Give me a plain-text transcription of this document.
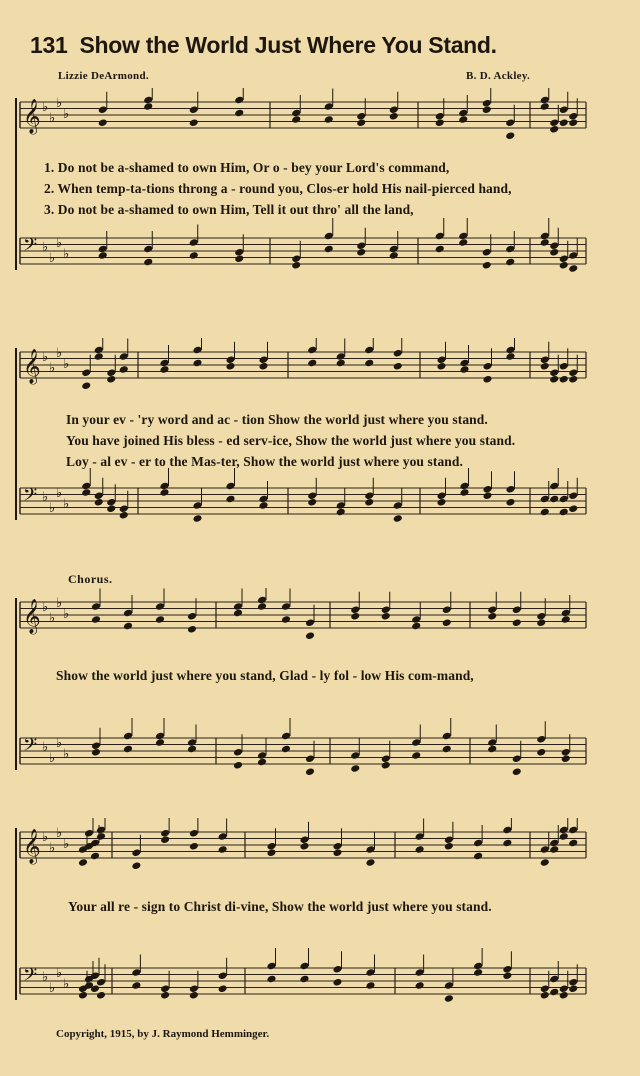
131 Show the World Just Where You Stand.
Lizzie DeArmond.	B. D. Ackley.
𝄞 ♭
♭
♭
♭
𝄢 ♭
♭
♭
♭
1. Do not be a-shamed to own Him, Or o - bey your Lord's command,
2. When temp-ta-tions throng a - round you, Clos-er hold His nail-pierced hand,
3. Do not be a-shamed to own Him, Tell it out thro' all the land,
𝄞 ♭
♭
♭
♭
𝄢 ♭
♭
♭
♭
In your ev - 'ry word and ac - tion Show the world just where you stand.
You have joined His bless - ed serv-ice, Show the world just where you stand.
Loy - al ev - er to the Mas-ter, Show the world just where you stand.
Chorus.
𝄞 ♭
♭
♭
♭
𝄢 ♭
♭
♭
♭
Show the world just where you stand, Glad - ly fol - low His com-mand,
𝄞 ♭
♭
♭
♭
𝄢 ♭
♭
♭
♭
Your all re - sign to Christ di-vine, Show the world just where you stand.
Copyright, 1915, by J. Raymond Hemminger.
